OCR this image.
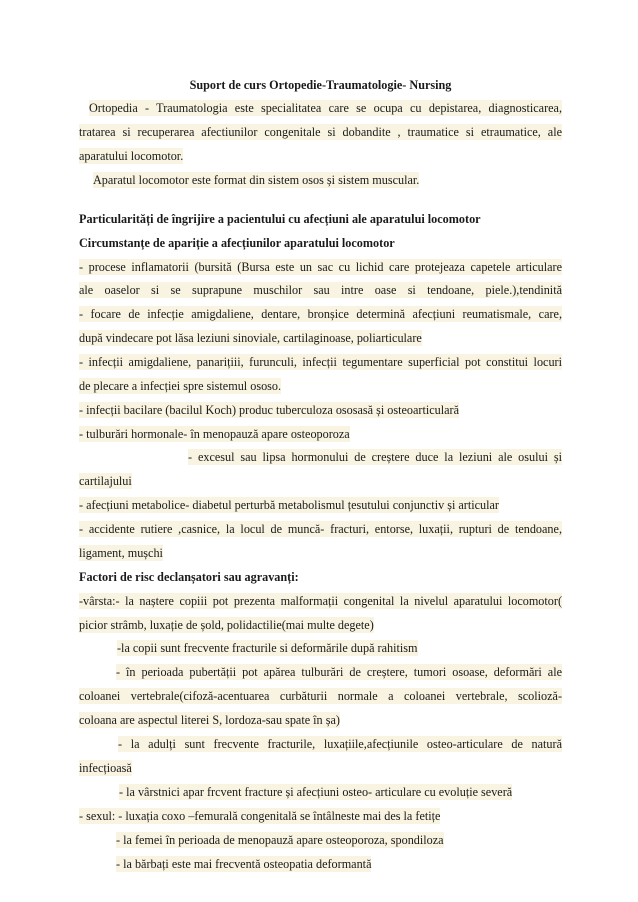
Suport de curs Ortopedie-Traumatologie- Nursing
Ortopedia - Traumatologia este specialitatea care se ocupa cu depistarea, diagnosticarea,
tratarea si recuperarea afectiunilor congenitale si dobandite , traumatice si etraumatice, ale
aparatului locomotor.
Aparatul locomotor este format din sistem osos și sistem muscular.
Particularități de îngrijire a pacientului cu afecțiuni ale aparatului locomotor
Circumstanțe de apariție a afecțiunilor aparatului locomotor
- procese inflamatorii (bursită (Bursa este un sac cu lichid care protejeaza capetele articulare
ale oaselor si se suprapune muschilor sau intre oase si tendoane, piele.),tendinită
- focare de infecție amigdaliene, dentare, bronșice determină afecțiuni reumatismale, care,
după vindecare pot lăsa leziuni sinoviale, cartilaginoase, poliarticulare
- infecții amigdaliene, panarițiii, furunculi, infecții tegumentare superficial pot constitui locuri
de plecare a infecției spre sistemul ososo.
- infecții bacilare (bacilul Koch) produc tuberculoza ososasă și osteoarticulară
- tulburări hormonale- în menopauză apare osteoporoza
- excesul sau lipsa hormonului de creștere duce la leziuni ale osului și
cartilajului
- afecțiuni metabolice- diabetul perturbă metabolismul țesutului conjunctiv și articular
- accidente rutiere ,casnice, la locul de muncă- fracturi, entorse, luxații, rupturi de tendoane,
ligament, mușchi
Factori de risc declanșatori sau agravanți:
-vârsta:- la naștere copiii pot prezenta malformații congenital la nivelul aparatului locomotor(
picior strâmb, luxație de șold, polidactilie(mai multe degete)
-la copii sunt frecvente fracturile si deformările după rahitism
- în perioada pubertății pot apărea tulburări de creștere, tumori osoase, deformări ale
coloanei vertebrale(cifoză-acentuarea curbăturii normale a coloanei vertebrale, scolioză-
coloana are aspectul literei S, lordoza-sau spate în șa)
- la adulți sunt frecvente fracturile, luxațiile,afecțiunile osteo-articulare de natură
infecțioasă
- la vârstnici apar frcvent fracture și afecțiuni osteo- articulare cu evoluție severă
- sexul: - luxația coxo –femurală congenitală se întâlneste mai des la fetițe
- la femei în perioada de menopauză apare osteoporoza, spondiloza
- la bărbați este mai frecventă osteopatia deformantă
